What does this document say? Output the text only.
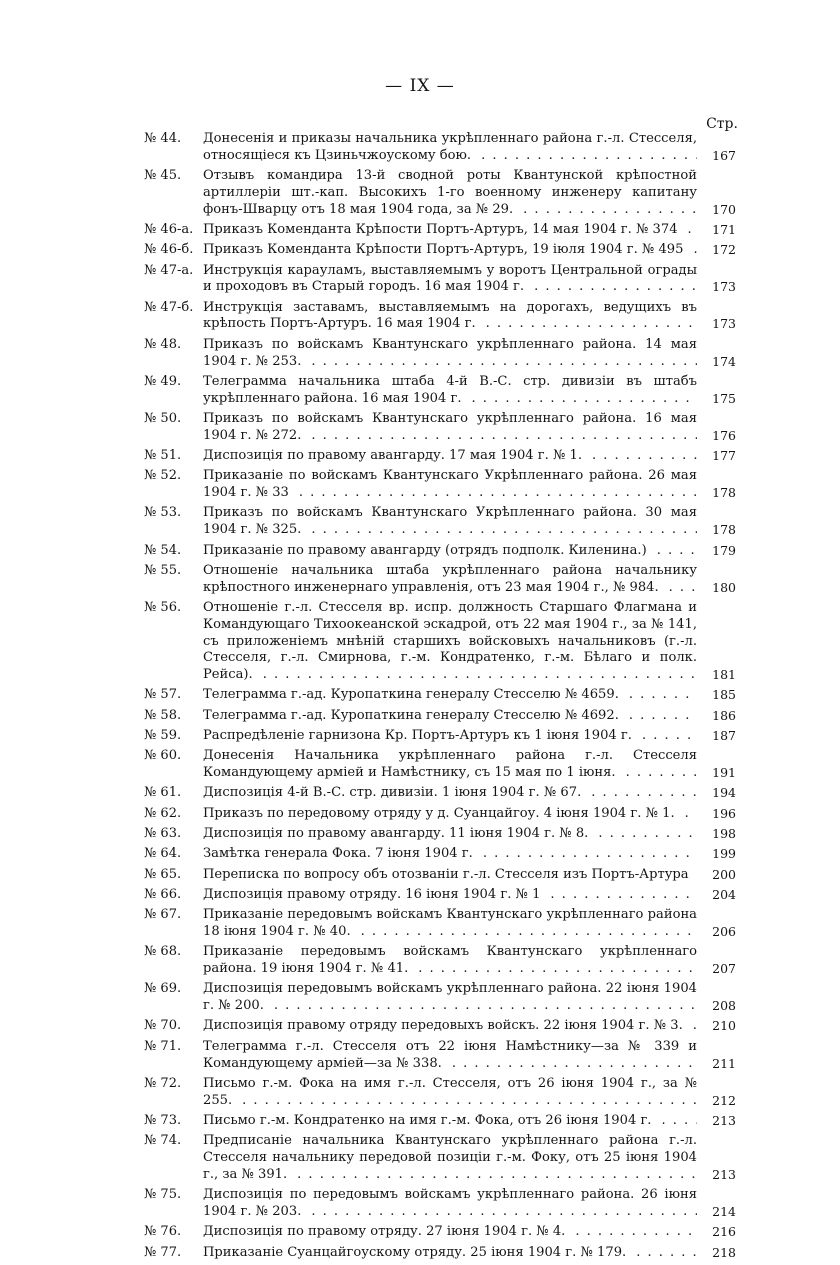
— IX —
Стр.
№ 44.	Донесенія и приказы начальника укрѣпленнаго района г.-л. Стесселя, относящіеся къ Цзиньчжоускому бою. . . .	167
№ 45.	Отзывъ командира 13-й сводной роты Квантунской крѣпостной артиллеріи шт.-кап. Высокихъ 1-го военному инженеру капитану фонъ-Шварцу отъ 18 мая 1904 года, за № 29. . . .	170
№ 46-а. Приказъ Коменданта Крѣпости Портъ-Артуръ, 14 мая 1904 г. № 374 . . .	171
№ 46-б. Приказъ Коменданта Крѣпости Портъ-Артуръ, 19 іюля 1904 г. № 495 . . .	172
№ 47-а. Инструкція карауламъ, выставляемымъ у воротъ Центральной ограды и проходовъ въ Старый городъ. 16 мая 1904 г. . . .	173
№ 47-б. Инструкція заставамъ, выставляемымъ на дорогахъ, ведущихъ въ крѣпость Портъ-Артуръ. 16 мая 1904 г. . . .	173
№ 48.	Приказъ по войскамъ Квантунскаго укрѣпленнаго района. 14 мая 1904 г. № 253. . . .	174
№ 49.	Телеграмма начальника штаба 4-й В.-С. стр. дивизіи въ штабъ укрѣпленнаго района. 16 мая 1904 г. . . .	175
№ 50.	Приказъ по войскамъ Квантунскаго укрѣпленнаго района. 16 мая 1904 г. № 272. . . .	176
№ 51.	Диспозиція по правому авангарду. 17 мая 1904 г. № 1. . . .	177
№ 52.	Приказаніе по войскамъ Квантунскаго Укрѣпленнаго района. 26 мая 1904 г. № 33 . . .	178
№ 53.	Приказъ по войскамъ Квантунскаго Укрѣпленнаго района. 30 мая 1904 г. № 325. . . .	178
№ 54.	Приказаніе по правому авангарду (отрядъ подполк. Киленина.) . . .	179
№ 55.	Отношеніе начальника штаба укрѣпленнаго района начальнику крѣпостного инженернаго управленія, отъ 23 мая 1904 г., № 984. . . .	180
№ 56.	Отношеніе г.-л. Стесселя вр. испр. должность Старшаго Флагмана и Командующаго Тихоокеанской эскадрой, отъ 22 мая 1904 г., за № 141, съ приложеніемъ мнѣній старшихъ войсковыхъ начальниковъ (г.-л. Стесселя, г.-л. Смирнова, г.-м. Кондратенко, г.-м. Бѣлаго и полк. Рейса). . . .	181
№ 57.	Телеграмма г.-ад. Куропаткина генералу Стесселю № 4659. . . .	185
№ 58.	Телеграмма г.-ад. Куропаткина генералу Стесселю № 4692. . . .	186
№ 59.	Распредѣленіе гарнизона Кр. Портъ-Артуръ къ 1 іюня 1904 г. . . .	187
№ 60.	Донесенія Начальника укрѣпленнаго района г.-л. Стесселя Командующему арміей и Намѣстнику, съ 15 мая по 1 іюня. . . .	191
№ 61.	Диспозиція 4-й В.-С. стр. дивизіи. 1 іюня 1904 г. № 67. . . .	194
№ 62.	Приказъ по передовому отряду у д. Суанцайгоу. 4 іюня 1904 г. № 1. . . .	196
№ 63.	Диспозиція по правому авангарду. 11 іюня 1904 г. № 8. . . .	198
№ 64.	Замѣтка генерала Фока. 7 іюня 1904 г. . . .	199
№ 65.	Переписка по вопросу объ отозваніи г.-л. Стесселя изъ Портъ-Артура . . .	200
№ 66.	Диспозиція правому отряду. 16 іюня 1904 г. № 1 . . .	204
№ 67.	Приказаніе передовымъ войскамъ Квантунскаго укрѣпленнаго района 18 іюня 1904 г. № 40. . . .	206
№ 68.	Приказаніе передовымъ войскамъ Квантунскаго укрѣпленнаго района. 19 іюня 1904 г. № 41. . . .	207
№ 69.	Диспозиція передовымъ войскамъ укрѣпленнаго района. 22 іюня 1904 г. № 200. . . .	208
№ 70.	Диспозиція правому отряду передовыхъ войскъ. 22 іюня 1904 г. № 3. . . .	210
№ 71.	Телеграмма г.-л. Стесселя отъ 22 іюня Намѣстнику—за № 339 и Командующему арміей—за № 338. . . .	211
№ 72.	Письмо г.-м. Фока на имя г.-л. Стесселя, отъ 26 іюня 1904 г., за № 255. . . .	212
№ 73.	Письмо г.-м. Кондратенко на имя г.-м. Фока, отъ 26 іюня 1904 г. . . .	213
№ 74.	Предписаніе начальника Квантунскаго укрѣпленнаго района г.-л. Стесселя начальнику передовой позиціи г.-м. Фоку, отъ 25 іюня 1904 г., за № 391. . . .	213
№ 75.	Диспозиція по передовымъ войскамъ укрѣпленнаго района. 26 іюня 1904 г. № 203. . . .	214
№ 76.	Диспозиція по правому отряду. 27 іюня 1904 г. № 4. . . .	216
№ 77.	Приказаніе Суанцайгоускому отряду. 25 іюня 1904 г. № 179. . . .	218
